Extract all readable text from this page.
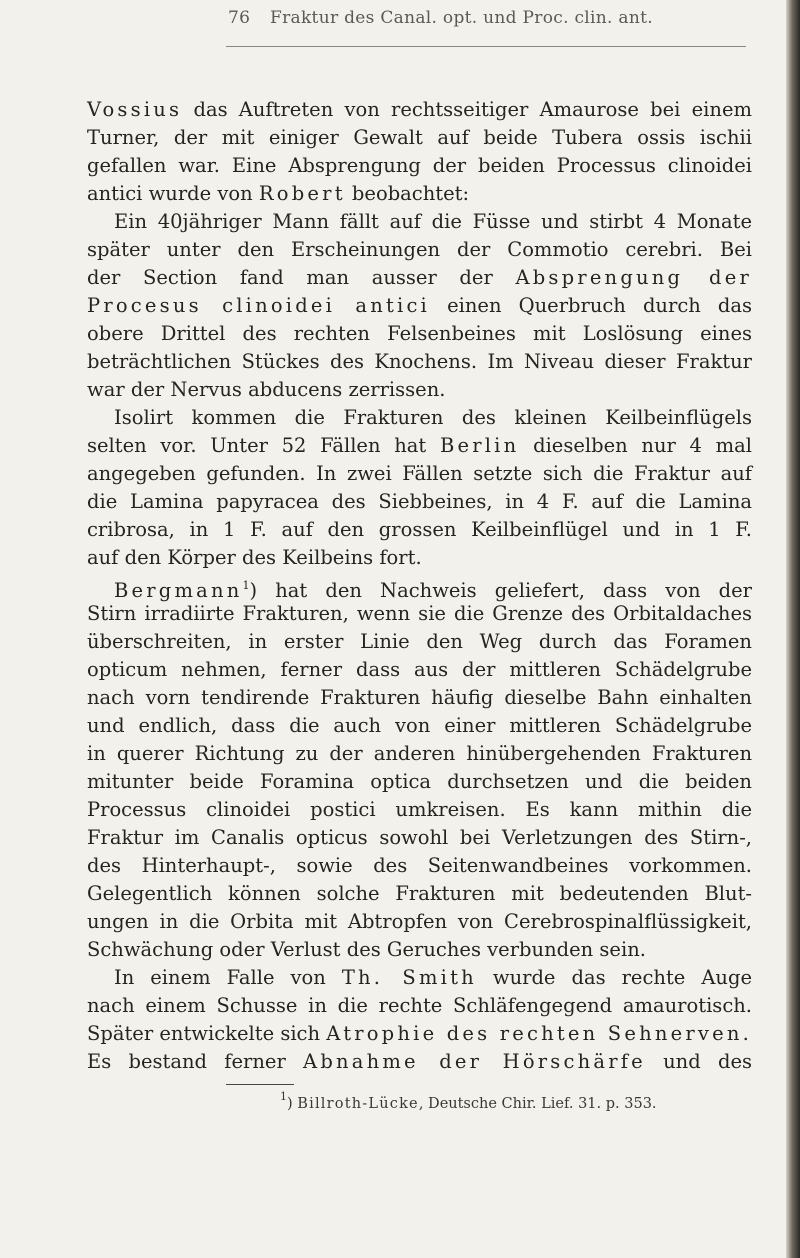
76 Fraktur des Canal. opt. und Proc. clin. ant.
Vossius das Auftreten von rechtsseitiger Amaurose bei einem
Turner, der mit einiger Gewalt auf beide Tubera ossis ischii
gefallen war. Eine Absprengung der beiden Processus clinoidei
antici wurde von Robert beobachtet:
Ein 40jähriger Mann fällt auf die Füsse und stirbt 4 Monate
später unter den Erscheinungen der Commotio cerebri. Bei
der Section fand man ausser der Absprengung der
Procesus clinoidei antici einen Querbruch durch das
obere Drittel des rechten Felsenbeines mit Loslösung eines
beträchtlichen Stückes des Knochens. Im Niveau dieser Fraktur
war der Nervus abducens zerrissen.
Isolirt kommen die Frakturen des kleinen Keilbeinflügels
selten vor. Unter 52 Fällen hat Berlin dieselben nur 4 mal
angegeben gefunden. In zwei Fällen setzte sich die Fraktur auf
die Lamina papyracea des Siebbeines, in 4 F. auf die Lamina
cribrosa, in 1 F. auf den grossen Keilbeinflügel und in 1 F.
auf den Körper des Keilbeins fort.
Bergmann$^1$) hat den Nachweis geliefert, dass von der
Stirn irradiirte Frakturen, wenn sie die Grenze des Orbitaldaches
überschreiten, in erster Linie den Weg durch das Foramen
opticum nehmen, ferner dass aus der mittleren Schädelgrube
nach vorn tendirende Frakturen häufig dieselbe Bahn einhalten
und endlich, dass die auch von einer mittleren Schädelgrube
in querer Richtung zu der anderen hinübergehenden Frakturen
mitunter beide Foramina optica durchsetzen und die beiden
Processus clinoidei postici umkreisen. Es kann mithin die
Fraktur im Canalis opticus sowohl bei Verletzungen des Stirn-,
des Hinterhaupt-, sowie des Seitenwandbeines vorkommen.
Gelegentlich können solche Frakturen mit bedeutenden Blut-
ungen in die Orbita mit Abtropfen von Cerebrospinalflüssigkeit,
Schwächung oder Verlust des Geruches verbunden sein.
In einem Falle von Th. Smith wurde das rechte Auge
nach einem Schusse in die rechte Schläfengegend amaurotisch.
Später entwickelte sich Atrophie des rechten Sehnerven.
Es bestand ferner Abnahme der Hörschärfe und des
$^1$) Billroth-Lücke, Deutsche Chir. Lief. 31. p. 353.
